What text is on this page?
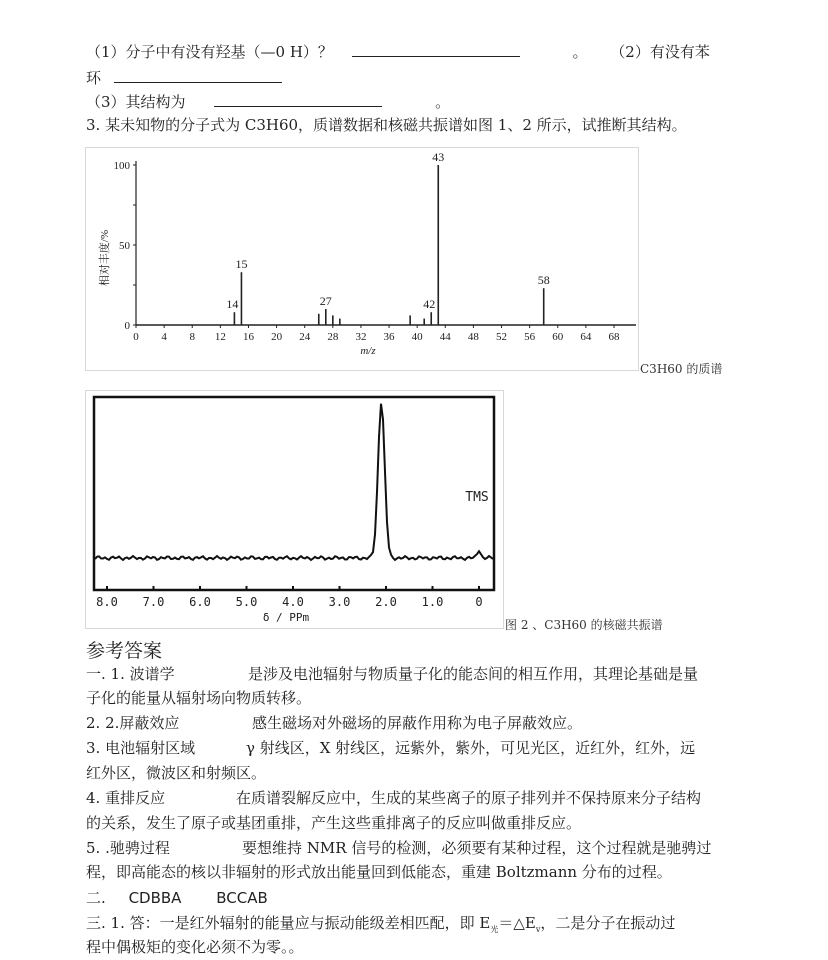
（1）分子中有没有羟基（—0 H）？	。 （2）有没有苯
环
（3）其结构为	。
3. 某未知物的分子式为 C3H60，质谱数据和核磁共振谱如图 1、2 所示，试推断其结构。
0 4 8 12 16 20 24 28 32 36 40 44 48 52 56 60 64 68
0
50
100
14
15
27	42
43
58
相对丰度/%
m/z
C3H60 的质谱
8.0 7.0 6.0 5.0 4.0 3.0 2.0 1.0	0
TMS
δ / PPm
图 2 、C3H60 的核磁共振谱
参考答案
一. 1. 波谱学	是涉及电池辐射与物质量子化的能态间的相互作用，其理论基础是量
子化的能量从辐射场向物质转移。
2. 2.屏蔽效应	感生磁场对外磁场的屏蔽作用称为电子屏蔽效应。
3. 电池辐射区域	γ 射线区，X 射线区，远紫外，紫外，可见光区，近红外，红外，远
红外区，微波区和射频区。
4. 重排反应	在质谱裂解反应中，生成的某些离子的原子排列并不保持原来分子结构
的关系，发生了原子或基团重排，产生这些重排离子的反应叫做重排反应。
5. .驰骋过程	要想维持 NMR 信号的检测，必须要有某种过程，这个过程就是驰骋过
程，即高能态的核以非辐射的形式放出能量回到低能态，重建 Boltzmann 分布的过程。
二. CDBBA BCCAB
三. 1. 答：一是红外辐射的能量应与振动能级差相匹配，即 $E_光=\triangle E_v$，二是分子在振动过
程中偶极矩的变化必须不为零。。
